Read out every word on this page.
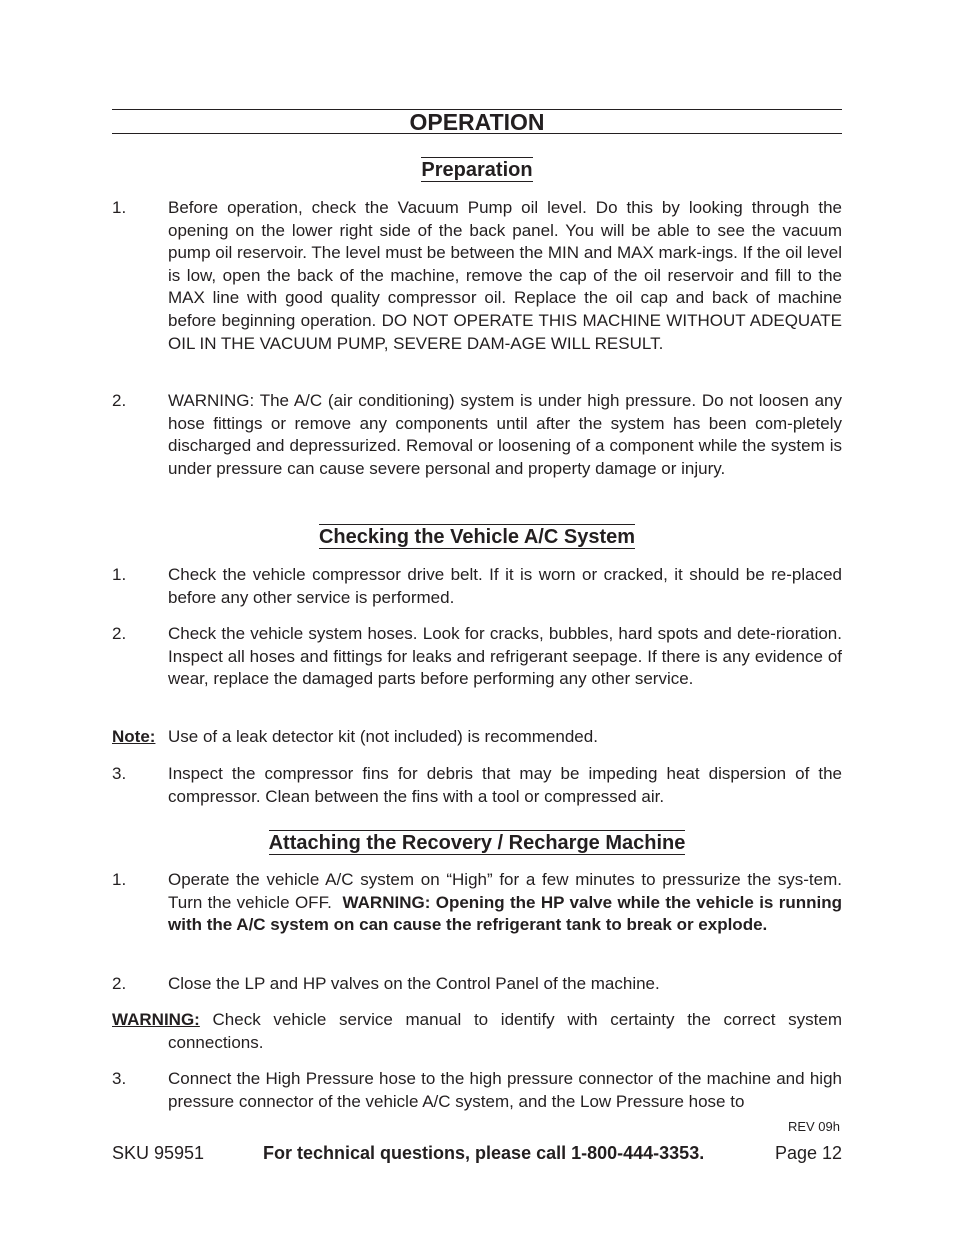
OPERATION
Preparation
1.	Before operation, check the Vacuum Pump oil level. Do this by looking through the opening on the lower right side of the back panel. You will be able to see the vacuum pump oil reservoir. The level must be between the MIN and MAX mark-ings. If the oil level is low, open the back of the machine, remove the cap of the oil reservoir and fill to the MAX line with good quality compressor oil. Replace the oil cap and back of machine before beginning operation. DO NOT OPERATE THIS MACHINE WITHOUT ADEQUATE OIL IN THE VACUUM PUMP, SEVERE DAM-AGE WILL RESULT.
2.	WARNING: The A/C (air conditioning) system is under high pressure. Do not loosen any hose fittings or remove any components until after the system has been com-pletely discharged and depressurized. Removal or loosening of a component while the system is under pressure can cause severe personal and property damage or injury.
Checking the Vehicle A/C System
1.	Check the vehicle compressor drive belt. If it is worn or cracked, it should be re-placed before any other service is performed.
2.	Check the vehicle system hoses. Look for cracks, bubbles, hard spots and dete-rioration. Inspect all hoses and fittings for leaks and refrigerant seepage. If there is any evidence of wear, replace the damaged parts before performing any other service.
Note: Use of a leak detector kit (not included) is recommended.
3.	Inspect the compressor fins for debris that may be impeding heat dispersion of the compressor. Clean between the fins with a tool or compressed air.
Attaching the Recovery / Recharge Machine
1.	Operate the vehicle A/C system on “High” for a few minutes to pressurize the sys-tem. Turn the vehicle OFF. WARNING: Opening the HP valve while the vehicle is running with the A/C system on can cause the refrigerant tank to break or explode.
2.	Close the LP and HP valves on the Control Panel of the machine.
WARNING: Check vehicle service manual to identify with certainty the correct system
connections.
3.	Connect the High Pressure hose to the high pressure connector of the machine and high pressure connector of the vehicle A/C system, and the Low Pressure hose to
REV 09h
SKU 95951	For technical questions, please call 1-800-444-3353.	Page 12
